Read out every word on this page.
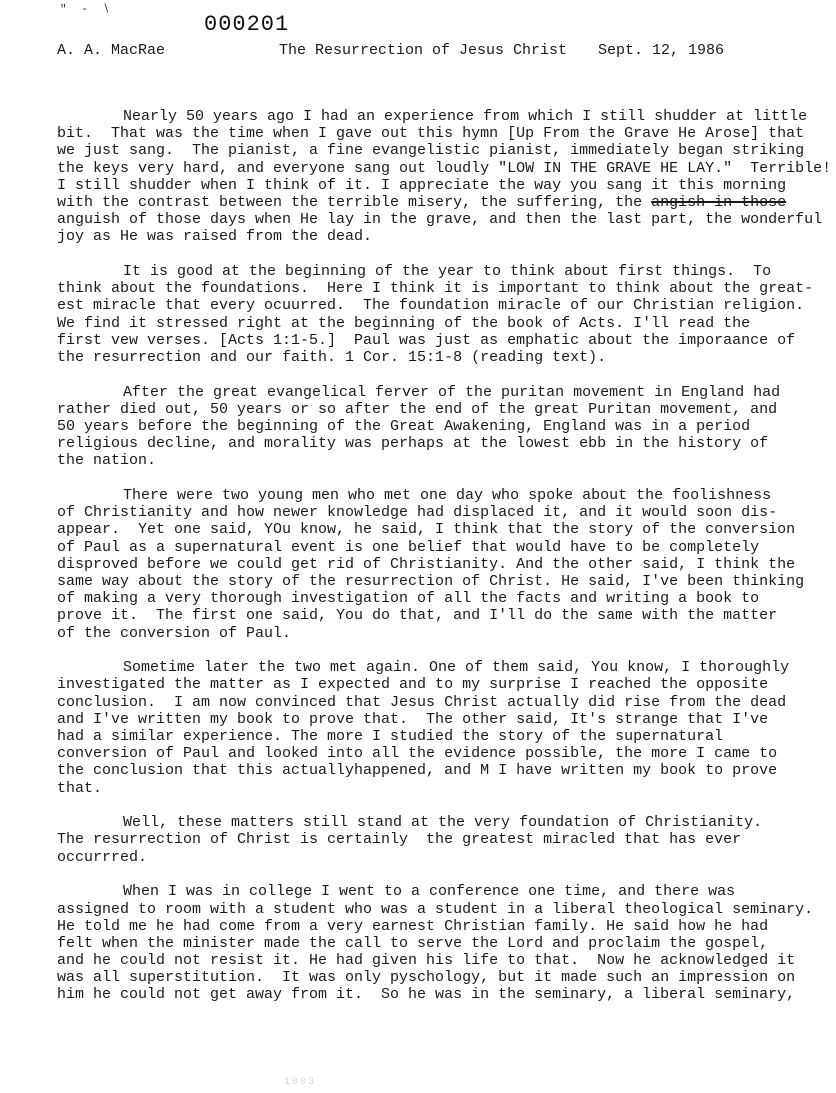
" - ∖
000201
A. A. MacRae	The Resurrection of Jesus Christ Sept. 12, 1986

Nearly 50 years ago I had an experience from which I still shudder at little
bit.  That was the time when I gave out this hymn [Up From the Grave He Arose] that
we just sang.  The pianist, a fine evangelistic pianist, immediately began striking
the keys very hard, and everyone sang out loudly "LOW IN THE GRAVE HE LAY."  Terrible!
I still shudder when I think of it. I appreciate the way you sang it this morning
with the contrast between the terrible misery, the suffering, the angish in those
anguish of those days when He lay in the grave, and then the last part, the wonderful
joy as He was raised from the dead.

It is good at the beginning of the year to think about first things.  To
think about the foundations.  Here I think it is important to think about the great-
est miracle that every ocuurred.  The foundation miracle of our Christian religion.
We find it stressed right at the beginning of the book of Acts. I'll read the
first vew verses. [Acts 1:1-5.]  Paul was just as emphatic about the imporaance of
the resurrection and our faith. 1 Cor. 15:1-8 (reading text).

After the great evangelical ferver of the puritan movement in England had
rather died out, 50 years or so after the end of the great Puritan movement, and
50 years before the beginning of the Great Awakening, England was in a period
religious decline, and morality was perhaps at the lowest ebb in the history of
the nation.

There were two young men who met one day who spoke about the foolishness
of Christianity and how newer knowledge had displaced it, and it would soon dis-
appear.  Yet one said, YOu know, he said, I think that the story of the conversion
of Paul as a supernatural event is one belief that would have to be completely
disproved before we could get rid of Christianity. And the other said, I think the
same way about the story of the resurrection of Christ. He said, I've been thinking
of making a very thorough investigation of all the facts and writing a book to
prove it.  The first one said, You do that, and I'll do the same with the matter
of the conversion of Paul.

Sometime later the two met again. One of them said, You know, I thoroughly
investigated the matter as I expected and to my surprise I reached the opposite
conclusion.  I am now convinced that Jesus Christ actually did rise from the dead
and I've written my book to prove that.  The other said, It's strange that I've
had a similar experience. The more I studied the story of the supernatural
conversion of Paul and looked into all the evidence possible, the more I came to
the conclusion that this actuallyhappened, and M I have written my book to prove
that.

Well, these matters still stand at the very foundation of Christianity.
The resurrection of Christ is certainly  the greatest miracled that has ever
occurrred.

When I was in college I went to a conference one time, and there was
assigned to room with a student who was a student in a liberal theological seminary.
He told me he had come from a very earnest Christian family. He said how he had
felt when the minister made the call to serve the Lord and proclaim the gospel,
and he could not resist it. He had given his life to that.  Now he acknowledged it
was all superstitution.  It was only pyschology, but it made such an impression on
him he could not get away from it.  So he was in the seminary, a liberal seminary,

1003
